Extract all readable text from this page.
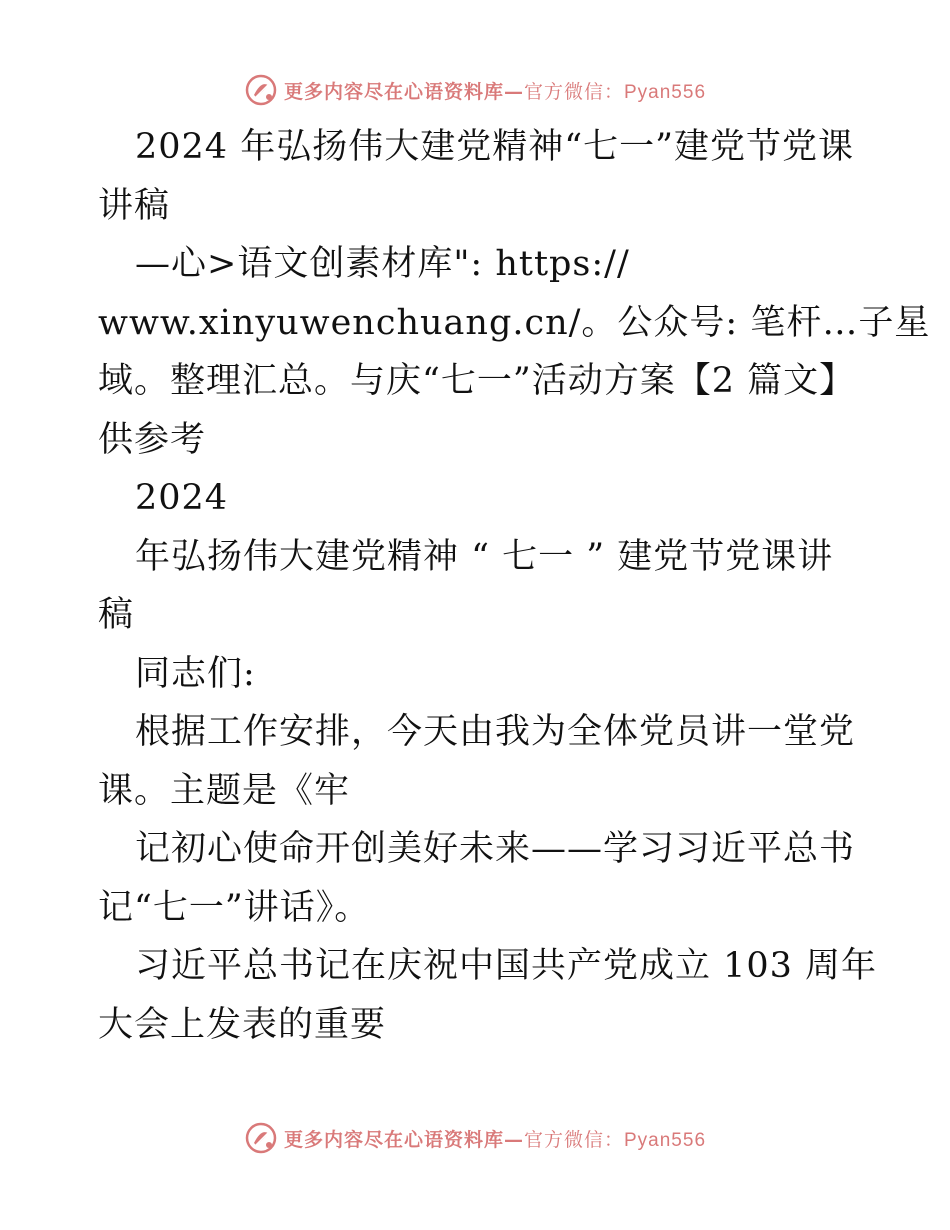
更多内容尽在心语资料库—官方微信：Pyan556
2024 年弘扬伟大建党精神“七一”建党节党课
讲稿
—心>语文创素材库": https://
www.xinyuwenchuang.cn/。公众号: 笔杆…子星
域。整理汇总。与庆“七一”活动方案【2 篇文】
供参考
2024
年弘扬伟大建党精神 “ 七一 ” 建党节党课讲
稿
同志们:
根据工作安排，今天由我为全体党员讲一堂党
课。主题是《牢
记初心使命开创美好未来——学习习近平总书
记“七一”讲话》。
习近平总书记在庆祝中国共产党成立 103 周年
大会上发表的重要
更多内容尽在心语资料库—官方微信：Pyan556
